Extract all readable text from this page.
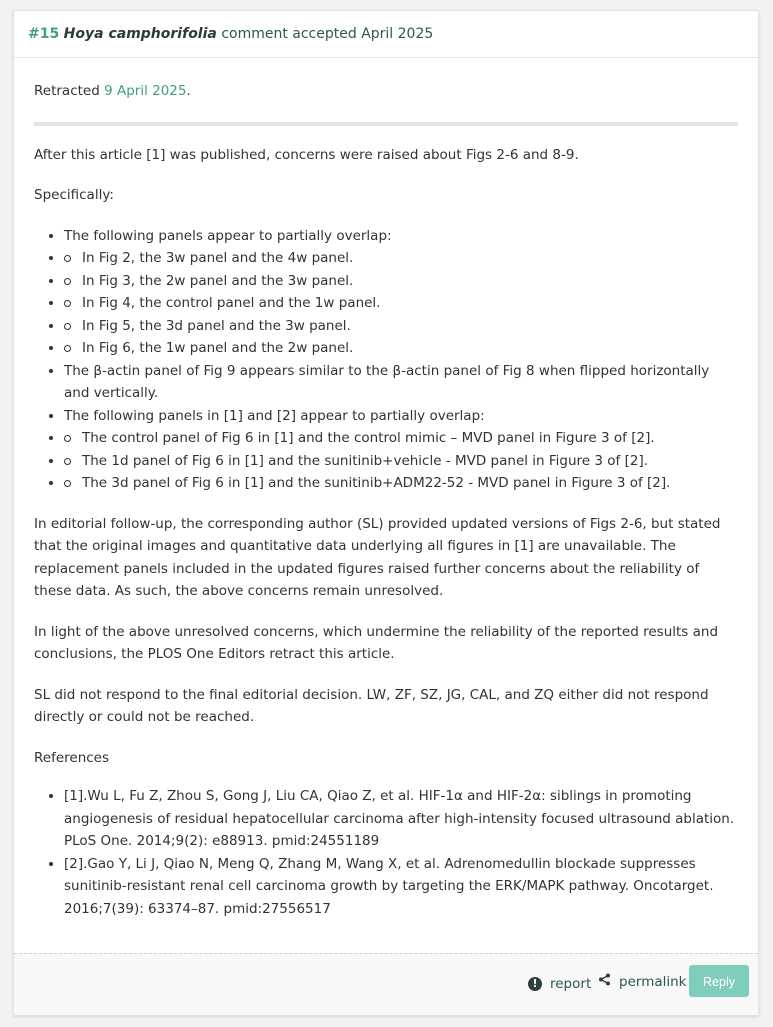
#15 Hoya camphorifolia comment accepted April 2025

Retracted 9 April 2025.

After this article [1] was published, concerns were raised about Figs 2-6 and 8-9.

Specifically:

• The following panels appear to partially overlap:
• In Fig 2, the 3w panel and the 4w panel.
• In Fig 3, the 2w panel and the 3w panel.
• In Fig 4, the control panel and the 1w panel.
• In Fig 5, the 3d panel and the 3w panel.
• In Fig 6, the 1w panel and the 2w panel.
• The β-actin panel of Fig 9 appears similar to the β-actin panel of Fig 8 when flipped horizontally and vertically.
• The following panels in [1] and [2] appear to partially overlap:
• The control panel of Fig 6 in [1] and the control mimic – MVD panel in Figure 3 of [2].
• The 1d panel of Fig 6 in [1] and the sunitinib+vehicle - MVD panel in Figure 3 of [2].
• The 3d panel of Fig 6 in [1] and the sunitinib+ADM22-52 - MVD panel in Figure 3 of [2].

In editorial follow-up, the corresponding author (SL) provided updated versions of Figs 2-6, but stated that the original images and quantitative data underlying all figures in [1] are unavailable. The replacement panels included in the updated figures raised further concerns about the reliability of these data. As such, the above concerns remain unresolved.

In light of the above unresolved concerns, which undermine the reliability of the reported results and conclusions, the PLOS One Editors retract this article.

SL did not respond to the final editorial decision. LW, ZF, SZ, JG, CAL, and ZQ either did not respond directly or could not be reached.

References

• [1].Wu L, Fu Z, Zhou S, Gong J, Liu CA, Qiao Z, et al. HIF-1α and HIF-2α: siblings in promoting angiogenesis of residual hepatocellular carcinoma after high-intensity focused ultrasound ablation. PLoS One. 2014;9(2): e88913. pmid:24551189
• [2].Gao Y, Li J, Qiao N, Meng Q, Zhang M, Wang X, et al. Adrenomedullin blockade suppresses sunitinib-resistant renal cell carcinoma growth by targeting the ERK/MAPK pathway. Oncotarget. 2016;7(39): 63374–87. pmid:27556517
! report permalink	Reply
